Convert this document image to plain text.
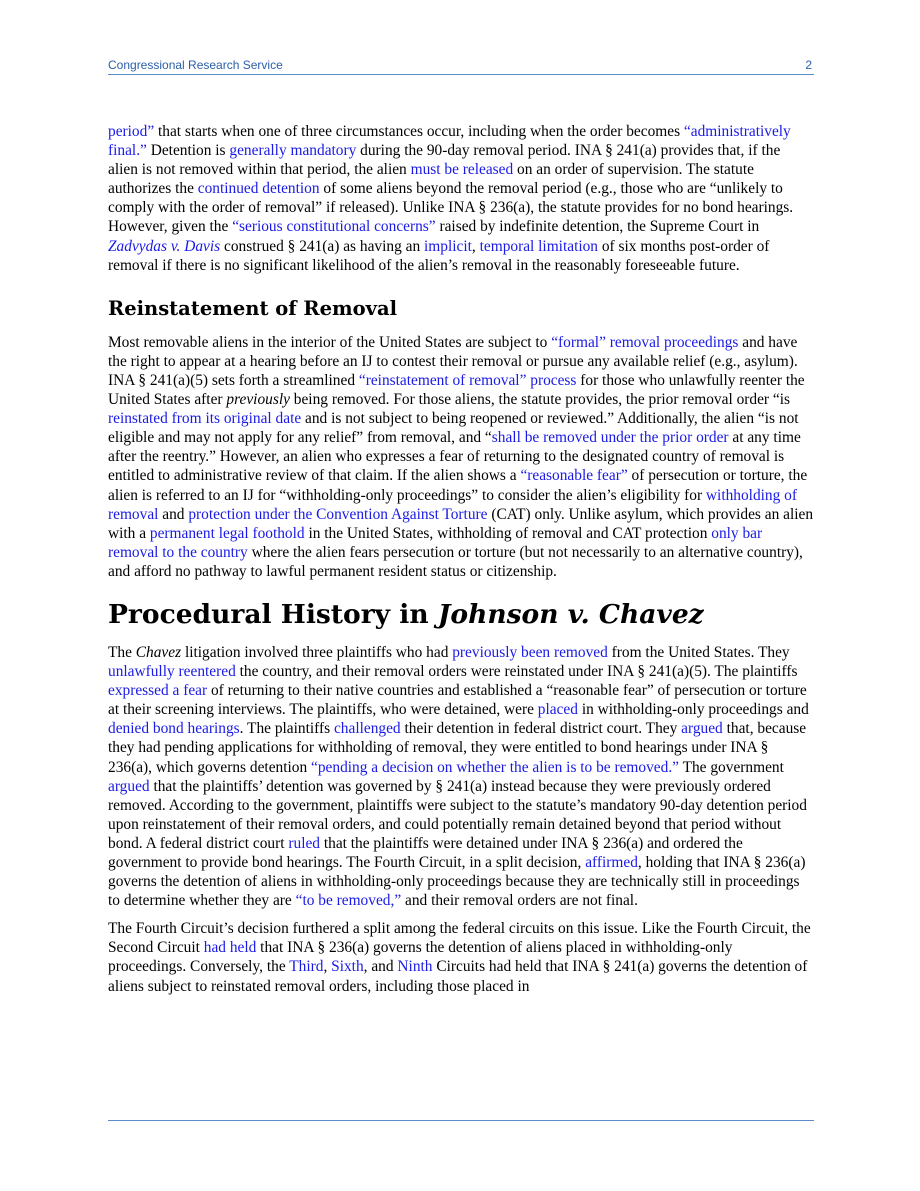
Congressional Research Service	2

period” that starts when one of three circumstances occur, including when the order becomes “administratively final.” Detention is generally mandatory during the 90-day removal period. INA § 241(a) provides that, if the alien is not removed within that period, the alien must be released on an order of supervision. The statute authorizes the continued detention of some aliens beyond the removal period (e.g., those who are “unlikely to comply with the order of removal” if released). Unlike INA § 236(a), the statute provides for no bond hearings. However, given the “serious constitutional concerns” raised by indefinite detention, the Supreme Court in Zadvydas v. Davis construed § 241(a) as having an implicit, temporal limitation of six months post-order of removal if there is no significant likelihood of the alien’s removal in the reasonably foreseeable future.

Reinstatement of Removal

Most removable aliens in the interior of the United States are subject to “formal” removal proceedings and have the right to appear at a hearing before an IJ to contest their removal or pursue any available relief (e.g., asylum). INA § 241(a)(5) sets forth a streamlined “reinstatement of removal” process for those who unlawfully reenter the United States after previously being removed. For those aliens, the statute provides, the prior removal order “is reinstated from its original date and is not subject to being reopened or reviewed.” Additionally, the alien “is not eligible and may not apply for any relief” from removal, and “shall be removed under the prior order at any time after the reentry.” However, an alien who expresses a fear of returning to the designated country of removal is entitled to administrative review of that claim. If the alien shows a “reasonable fear” of persecution or torture, the alien is referred to an IJ for “withholding-only proceedings” to consider the alien’s eligibility for withholding of removal and protection under the Convention Against Torture (CAT) only. Unlike asylum, which provides an alien with a permanent legal foothold in the United States, withholding of removal and CAT protection only bar removal to the country where the alien fears persecution or torture (but not necessarily to an alternative country), and afford no pathway to lawful permanent resident status or citizenship.

Procedural History in Johnson v. Chavez

The Chavez litigation involved three plaintiffs who had previously been removed from the United States. They unlawfully reentered the country, and their removal orders were reinstated under INA § 241(a)(5). The plaintiffs expressed a fear of returning to their native countries and established a “reasonable fear” of persecution or torture at their screening interviews. The plaintiffs, who were detained, were placed in withholding-only proceedings and denied bond hearings. The plaintiffs challenged their detention in federal district court. They argued that, because they had pending applications for withholding of removal, they were entitled to bond hearings under INA § 236(a), which governs detention “pending a decision on whether the alien is to be removed.” The government argued that the plaintiffs’ detention was governed by § 241(a) instead because they were previously ordered removed. According to the government, plaintiffs were subject to the statute’s mandatory 90-day detention period upon reinstatement of their removal orders, and could potentially remain detained beyond that period without bond. A federal district court ruled that the plaintiffs were detained under INA § 236(a) and ordered the government to provide bond hearings. The Fourth Circuit, in a split decision, affirmed, holding that INA § 236(a) governs the detention of aliens in withholding-only proceedings because they are technically still in proceedings to determine whether they are “to be removed,” and their removal orders are not final.

The Fourth Circuit’s decision furthered a split among the federal circuits on this issue. Like the Fourth Circuit, the Second Circuit had held that INA § 236(a) governs the detention of aliens placed in withholding-only proceedings. Conversely, the Third, Sixth, and Ninth Circuits had held that INA § 241(a) governs the detention of aliens subject to reinstated removal orders, including those placed in
